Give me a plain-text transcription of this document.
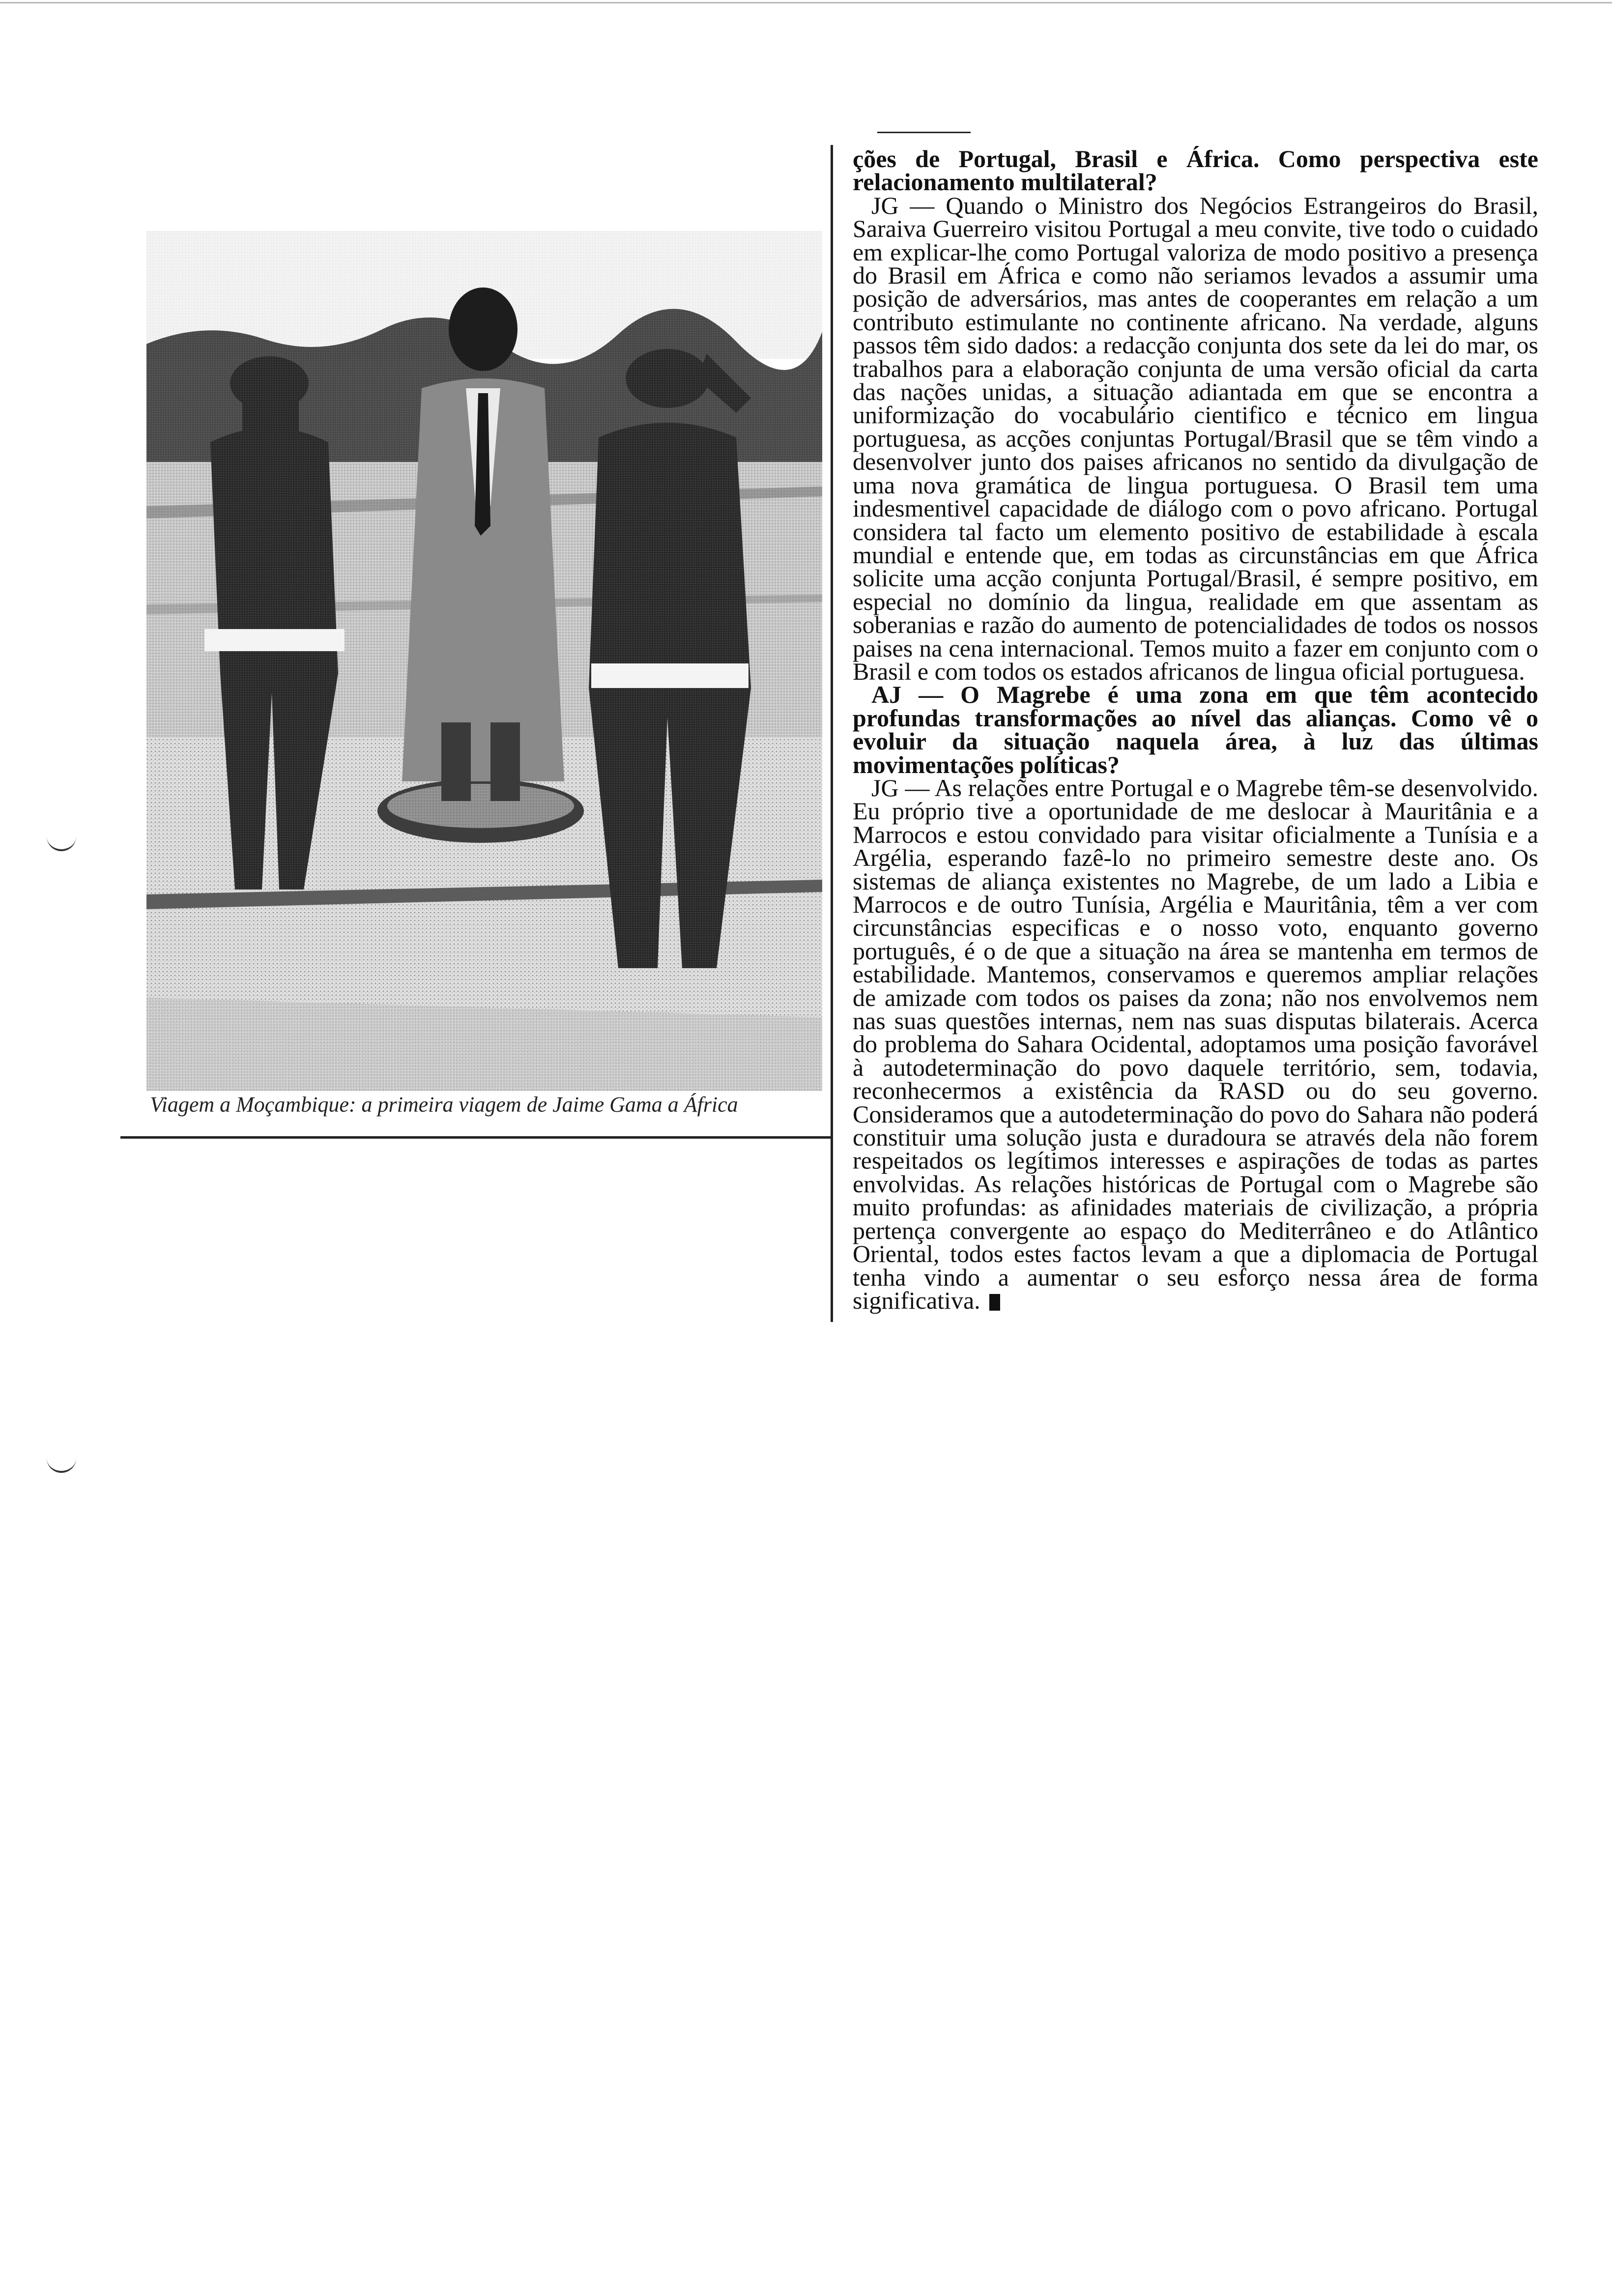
Viagem a Moçambique: a primeira viagem de Jaime Gama a África

ções de Portugal, Brasil e África. Como perspectiva este relacionamento multilateral?

JG — Quando o Ministro dos Negócios Estrangeiros do Brasil, Saraiva Guerreiro visitou Portugal a meu convite, tive todo o cuidado em explicar-lhe como Portugal valoriza de modo positivo a presença do Brasil em África e como não seriamos levados a assumir uma posição de adversários, mas antes de cooperantes em relação a um contributo estimulante no continente africano. Na verdade, alguns passos têm sido dados: a redacção conjunta dos sete da lei do mar, os trabalhos para a elaboração conjunta de uma versão oficial da carta das nações unidas, a situação adiantada em que se encontra a uniformização do vocabulário cientifico e técnico em lingua portuguesa, as acções conjuntas Portugal/Brasil que se têm vindo a desenvolver junto dos paises africanos no sentido da divulgação de uma nova gramática de lingua portuguesa. O Brasil tem uma indesmentivel capacidade de diálogo com o povo africano. Portugal considera tal facto um elemento positivo de estabilidade à escala mundial e entende que, em todas as circunstâncias em que África solicite uma acção conjunta Portugal/Brasil, é sempre positivo, em especial no domínio da lingua, realidade em que assentam as soberanias e razão do aumento de potencialidades de todos os nossos paises na cena internacional. Temos muito a fazer em conjunto com o Brasil e com todos os estados africanos de lingua oficial portuguesa.

AJ — O Magrebe é uma zona em que têm acontecido profundas transformações ao nível das alianças. Como vê o evoluir da situação naquela área, à luz das últimas movimentações políticas?

JG — As relações entre Portugal e o Magrebe têm-se desenvolvido. Eu próprio tive a oportunidade de me deslocar à Mauritânia e a Marrocos e estou convidado para visitar oficialmente a Tunísia e a Argélia, esperando fazê-lo no primeiro semestre deste ano. Os sistemas de aliança existentes no Magrebe, de um lado a Libia e Marrocos e de outro Tunísia, Argélia e Mauritânia, têm a ver com circunstâncias especificas e o nosso voto, enquanto governo português, é o de que a situação na área se mantenha em termos de estabilidade. Mantemos, conservamos e queremos ampliar relações de amizade com todos os paises da zona; não nos envolvemos nem nas suas questões internas, nem nas suas disputas bilaterais. Acerca do problema do Sahara Ocidental, adoptamos uma posição favorável à autodeterminação do povo daquele território, sem, todavia, reconhecermos a existência da RASD ou do seu governo. Consideramos que a autodeterminação do povo do Sahara não poderá constituir uma solução justa e duradoura se através dela não forem respeitados os legítimos interesses e aspirações de todas as partes envolvidas. As relações históricas de Portugal com o Magrebe são muito profundas: as afinidades materiais de civilização, a própria pertença convergente ao espaço do Mediterrâneo e do Atlântico Oriental, todos estes factos levam a que a diplomacia de Portugal tenha vindo a aumentar o seu esforço nessa área de forma significativa.
